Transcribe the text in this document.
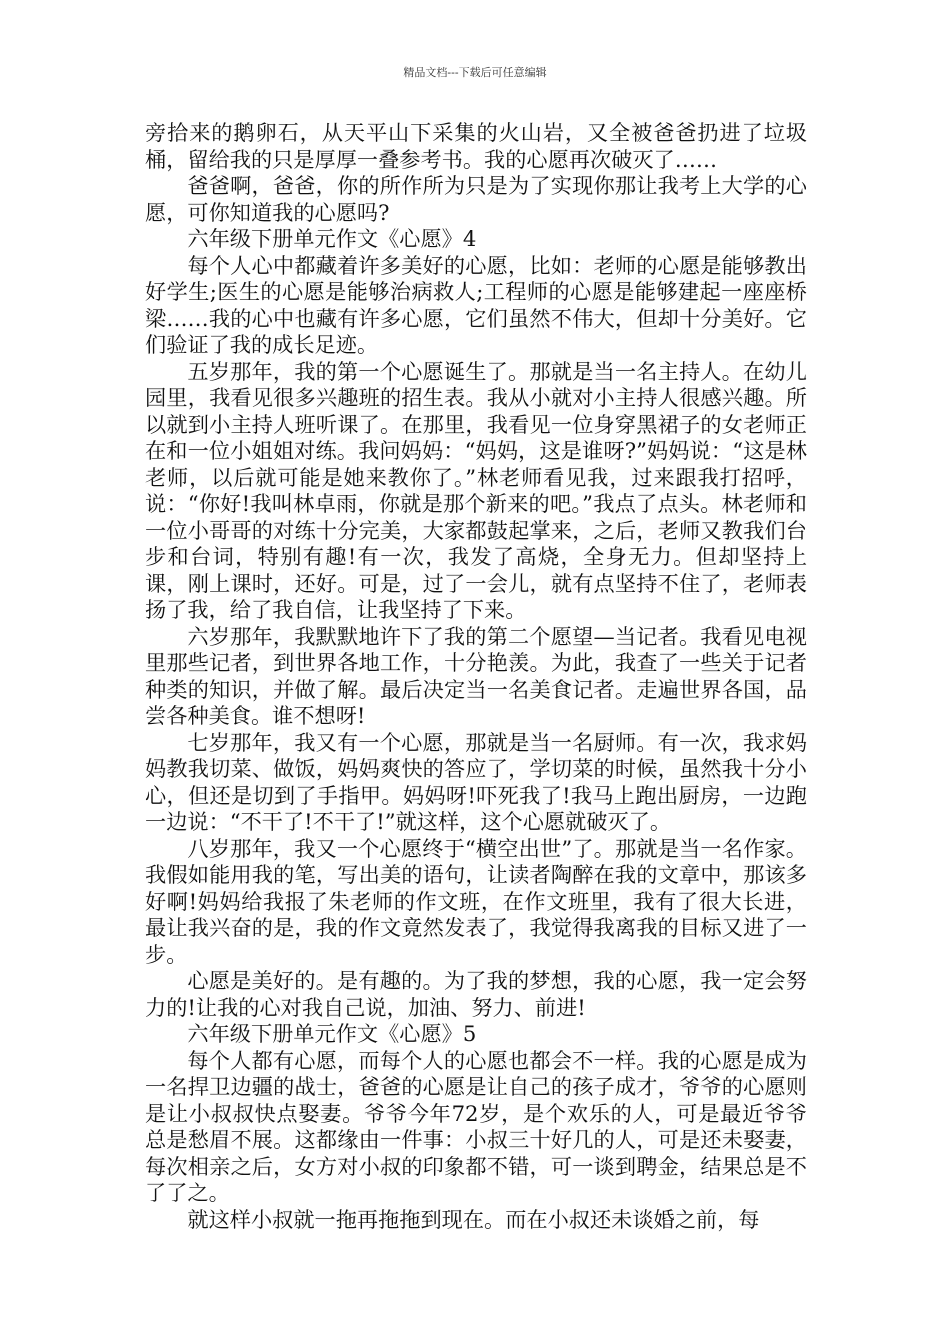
精品文档---下载后可任意编辑

旁拾来的鹅卵石，从天平山下采集的火山岩，又全被爸爸扔进了垃圾桶，留给我的只是厚厚一叠参考书。我的心愿再次破灭了……

爸爸啊，爸爸，你的所作所为只是为了实现你那让我考上大学的心愿，可你知道我的心愿吗?

六年级下册单元作文《心愿》4

每个人心中都藏着许多美好的心愿，比如：老师的心愿是能够教出好学生;医生的心愿是能够治病救人;工程师的心愿是能够建起一座座桥梁……我的心中也藏有许多心愿，它们虽然不伟大，但却十分美好。它们验证了我的成长足迹。

五岁那年，我的第一个心愿诞生了。那就是当一名主持人。在幼儿园里，我看见很多兴趣班的招生表。我从小就对小主持人很感兴趣。所以就到小主持人班听课了。在那里，我看见一位身穿黑裙子的女老师正在和一位小姐姐对练。我问妈妈：“妈妈，这是谁呀?”妈妈说：“这是林老师，以后就可能是她来教你了。”林老师看见我，过来跟我打招呼，说：“你好!我叫林卓雨，你就是那个新来的吧。”我点了点头。林老师和一位小哥哥的对练十分完美，大家都鼓起掌来，之后，老师又教我们台步和台词，特别有趣!有一次，我发了高烧，全身无力。但却坚持上课，刚上课时，还好。可是，过了一会儿，就有点坚持不住了，老师表扬了我，给了我自信，让我坚持了下来。

六岁那年，我默默地许下了我的第二个愿望—当记者。我看见电视里那些记者，到世界各地工作，十分艳羡。为此，我查了一些关于记者种类的知识，并做了解。最后决定当一名美食记者。走遍世界各国，品尝各种美食。谁不想呀!

七岁那年，我又有一个心愿，那就是当一名厨师。有一次，我求妈妈教我切菜、做饭，妈妈爽快的答应了，学切菜的时候，虽然我十分小心，但还是切到了手指甲。妈妈呀!吓死我了!我马上跑出厨房，一边跑一边说：“不干了!不干了!”就这样，这个心愿就破灭了。

八岁那年，我又一个心愿终于“横空出世”了。那就是当一名作家。我假如能用我的笔，写出美的语句，让读者陶醉在我的文章中，那该多好啊!妈妈给我报了朱老师的作文班，在作文班里，我有了很大长进，最让我兴奋的是，我的作文竟然发表了，我觉得我离我的目标又进了一步。

心愿是美好的。是有趣的。为了我的梦想，我的心愿，我一定会努力的!让我的心对我自己说，加油、努力、前进!

六年级下册单元作文《心愿》5

每个人都有心愿，而每个人的心愿也都会不一样。我的心愿是成为一名捍卫边疆的战士，爸爸的心愿是让自己的孩子成才，爷爷的心愿则是让小叔叔快点娶妻。爷爷今年72岁，是个欢乐的人，可是最近爷爷总是愁眉不展。这都缘由一件事：小叔三十好几的人，可是还未娶妻，每次相亲之后，女方对小叔的印象都不错，可一谈到聘金，结果总是不了了之。

就这样小叔就一拖再拖拖到现在。而在小叔还未谈婚之前，每
